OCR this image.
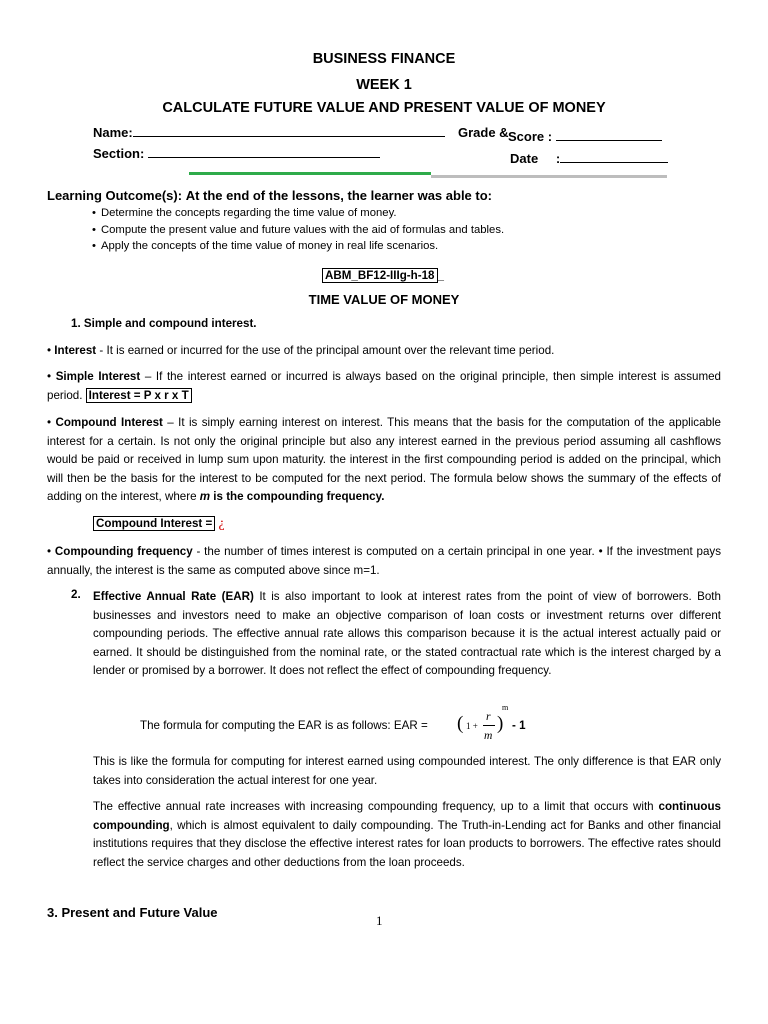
BUSINESS FINANCE
WEEK 1
CALCULATE FUTURE VALUE AND PRESENT VALUE OF MONEY
Name:	Grade & Score :
Section:	Date :
Learning Outcome(s): At the end of the lessons, the learner was able to:
• Determine the concepts regarding the time value of money.
• Compute the present value and future values with the aid of formulas and tables.
• Apply the concepts of the time value of money in real life scenarios.
ABM_BF12-IIIg-h-18 _
TIME VALUE OF MONEY
1. Simple and compound interest.
• Interest - It is earned or incurred for the use of the principal amount over the relevant time period.
• Simple Interest – If the interest earned or incurred is always based on the original principle, then simple interest is assumed period. Interest = P x r x T
• Compound Interest – It is simply earning interest on interest. This means that the basis for the computation of the applicable interest for a certain. Is not only the original principle but also any interest earned in the previous period assuming all cashflows would be paid or received in lump sum upon maturity. the interest in the first compounding period is added on the principal, which will then be the basis for the interest to be computed for the next period. The formula below shows the summary of the effects of adding on the interest, where m is the compounding frequency.
Compound Interest = ¿
• Compounding frequency - the number of times interest is computed on a certain principal in one year. • If the investment pays annually, the interest is the same as computed above since m=1.
2. Effective Annual Rate (EAR) It is also important to look at interest rates from the point of view of borrowers. Both businesses and investors need to make an objective comparison of loan costs or investment returns over different compounding periods. The effective annual rate allows this comparison because it is the actual interest actually paid or earned. It should be distinguished from the nominal rate, or the stated contractual rate which is the interest charged by a lender or promised by a borrower. It does not reflect the effect of compounding frequency.
The formula for computing the EAR is as follows: EAR = ( 1 +
r
m
)
m
- 1
This is like the formula for computing for interest earned using compounded interest. The only difference is that EAR only takes into consideration the actual interest for one year.
The effective annual rate increases with increasing compounding frequency, up to a limit that occurs with continuous compounding, which is almost equivalent to daily compounding. The Truth-in-Lending act for Banks and other financial institutions requires that they disclose the effective interest rates for loan products to borrowers. The effective rates should reflect the service charges and other deductions from the loan proceeds.
3. Present and Future Value
1
